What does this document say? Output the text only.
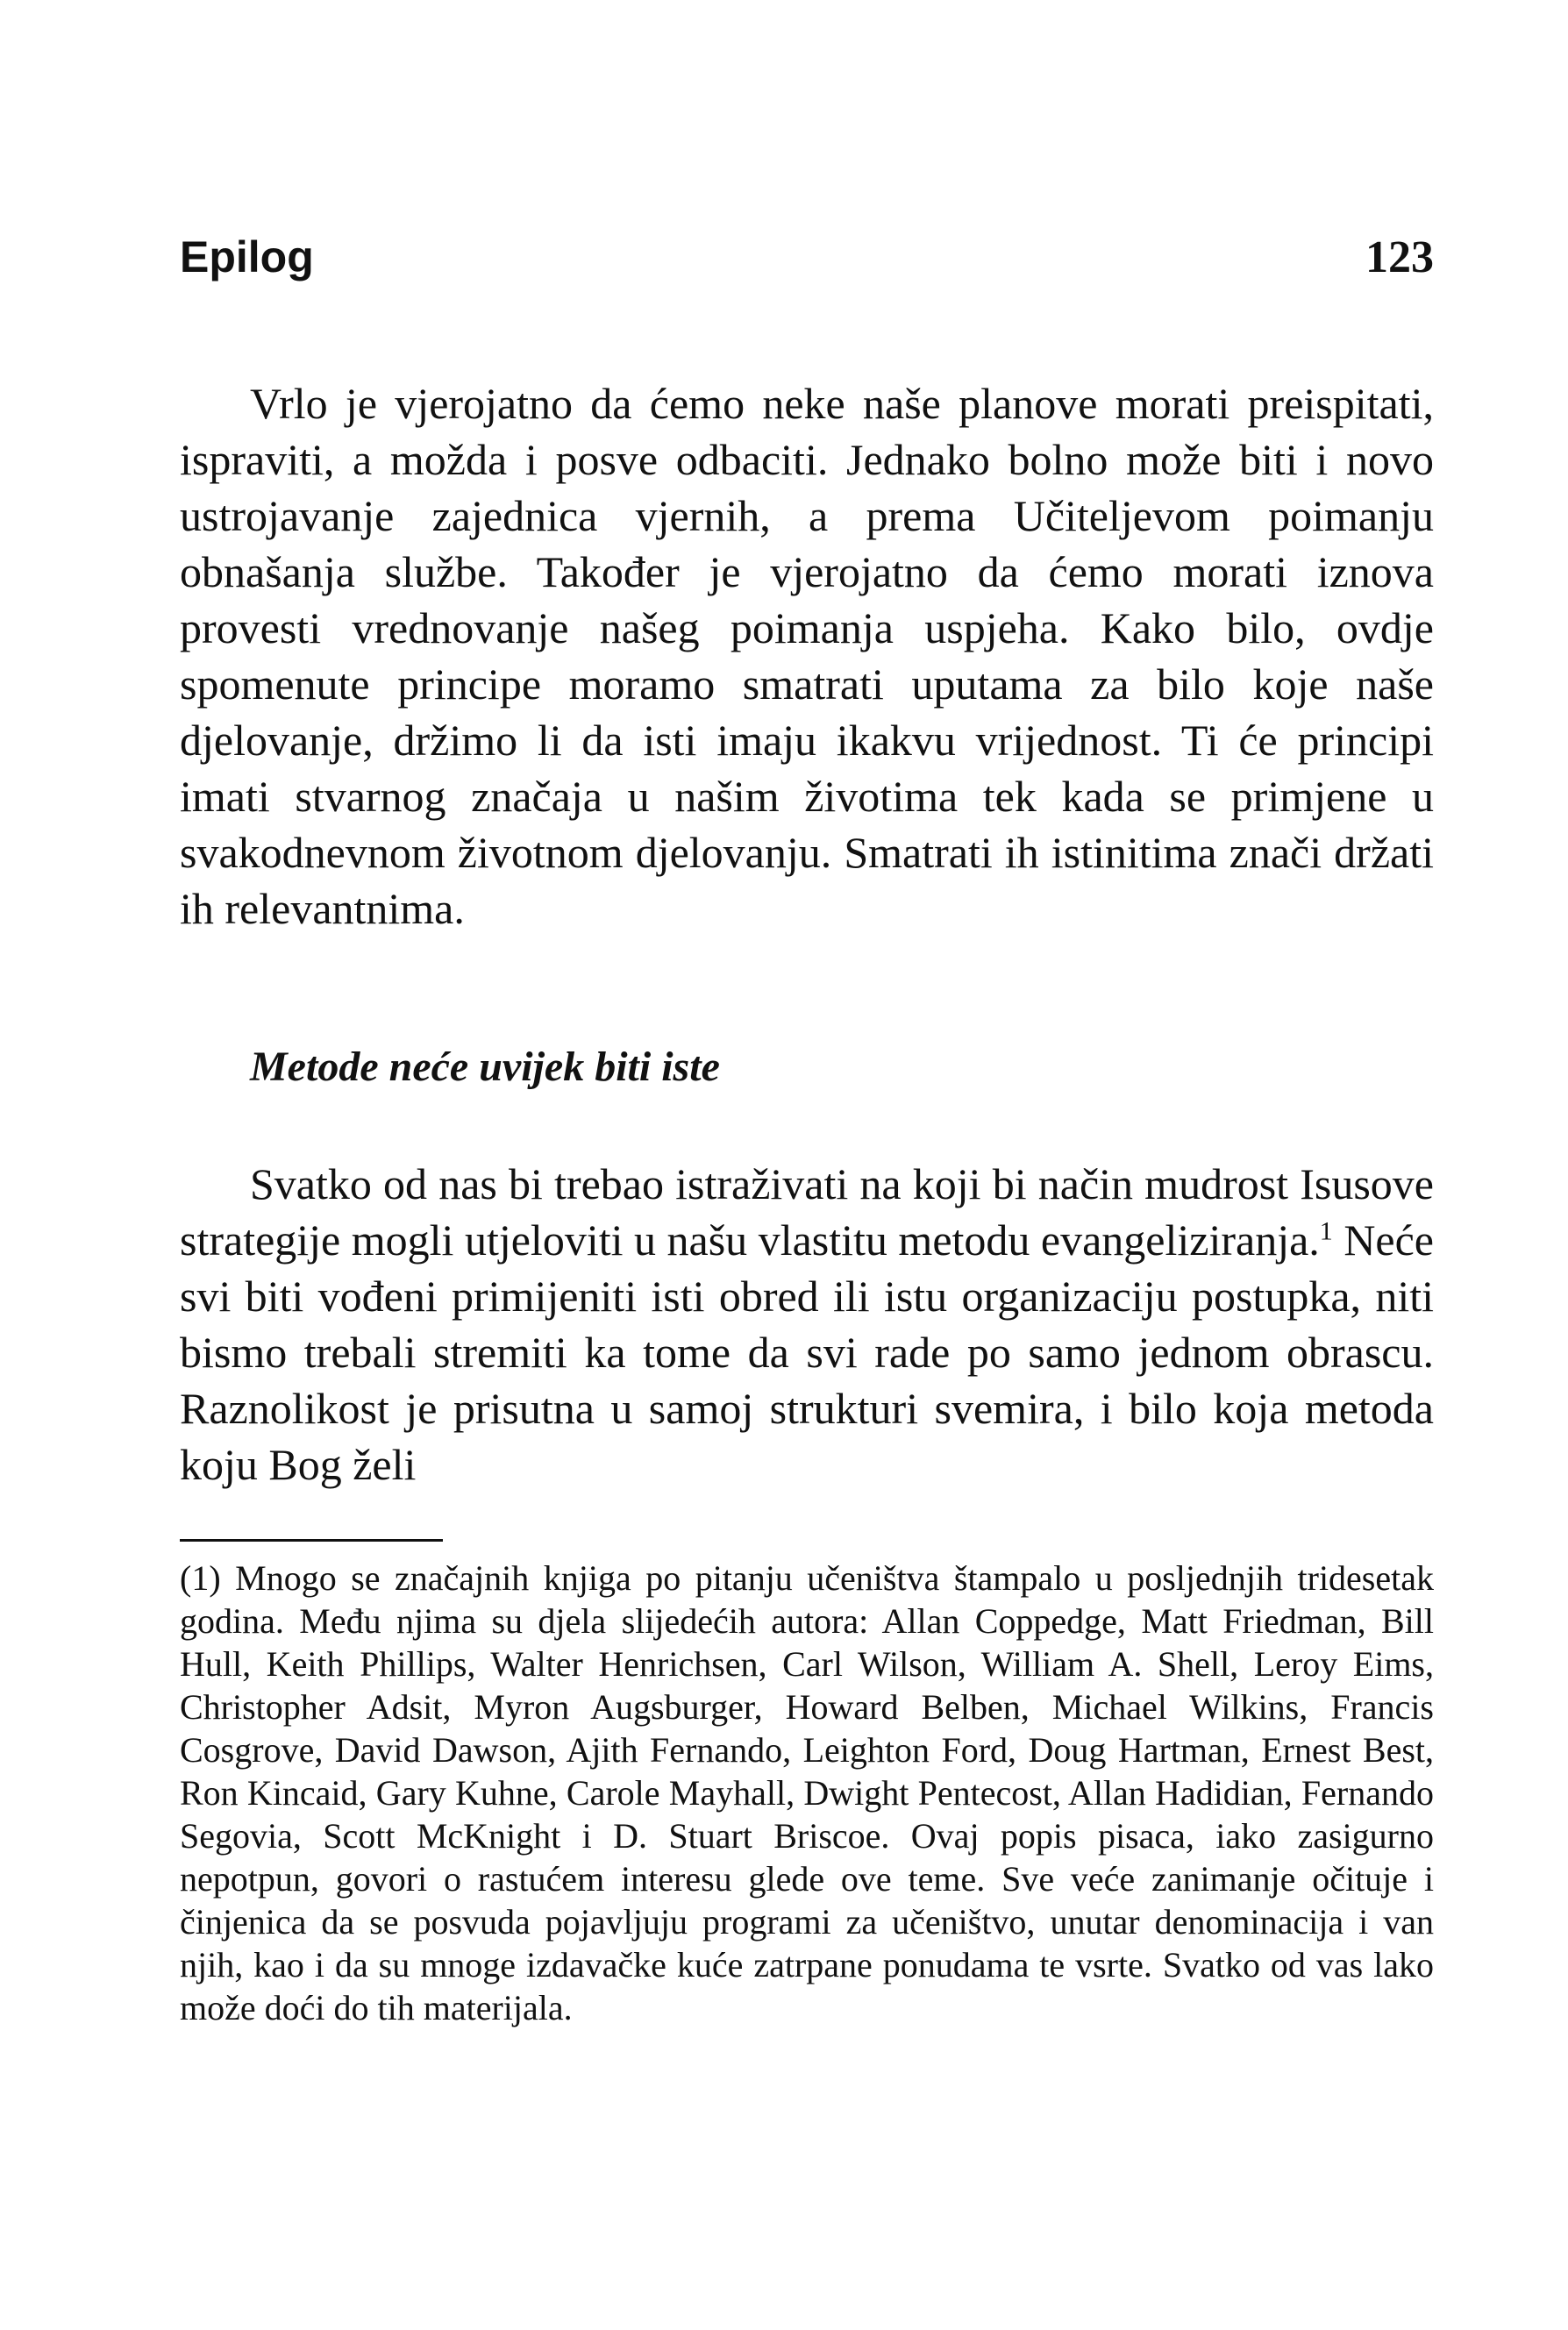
Epilog	123

Vrlo je vjerojatno da ćemo neke naše planove morati preispitati, ispraviti, a možda i posve odbaciti. Jednako bolno može biti i novo ustrojavanje zajednica vjernih, a prema Učiteljevom poimanju obnašanja službe. Također je vjerojatno da ćemo morati iznova provesti vrednovanje našeg poimanja uspjeha. Kako bilo, ovdje spomenute principe moramo smatrati uputama za bilo koje naše djelovanje, držimo li da isti imaju ikakvu vrijednost. Ti će principi imati stvarnog značaja u našim životima tek kada se primjene u svakodnevnom životnom djelovanju. Smatrati ih istinitima znači držati ih relevantnima.

Metode neće uvijek biti iste

Svatko od nas bi trebao istraživati na koji bi način mudrost Isusove strategije mogli utjeloviti u našu vlastitu metodu evangeliziranja.$^1$ Neće svi biti vođeni primijeniti isti obred ili istu organizaciju postupka, niti bismo trebali stremiti ka tome da svi rade po samo jednom obrascu. Raznolikost je prisutna u samoj strukturi svemira, i bilo koja metoda koju Bog želi

(1) Mnogo se značajnih knjiga po pitanju učeništva štampalo u posljednjih tridesetak godina. Među njima su djela slijedećih autora: Allan Coppedge, Matt Friedman, Bill Hull, Keith Phillips, Walter Henrichsen, Carl Wilson, William A. Shell, Leroy Eims, Christopher Adsit, Myron Augsburger, Howard Belben, Michael Wilkins, Francis Cosgrove, David Dawson, Ajith Fernando, Leighton Ford, Doug Hartman, Ernest Best, Ron Kincaid, Gary Kuhne, Carole Mayhall, Dwight Pentecost, Allan Hadidian, Fernando Segovia, Scott McKnight i D. Stuart Briscoe. Ovaj popis pisaca, iako zasigurno nepotpun, govori o rastućem interesu glede ove teme. Sve veće zanimanje očituje i činjenica da se posvuda pojavljuju programi za učeništvo, unutar denominacija i van njih, kao i da su mnoge izdavačke kuće zatrpane ponudama te vsrte. Svatko od vas lako može doći do tih materijala.
